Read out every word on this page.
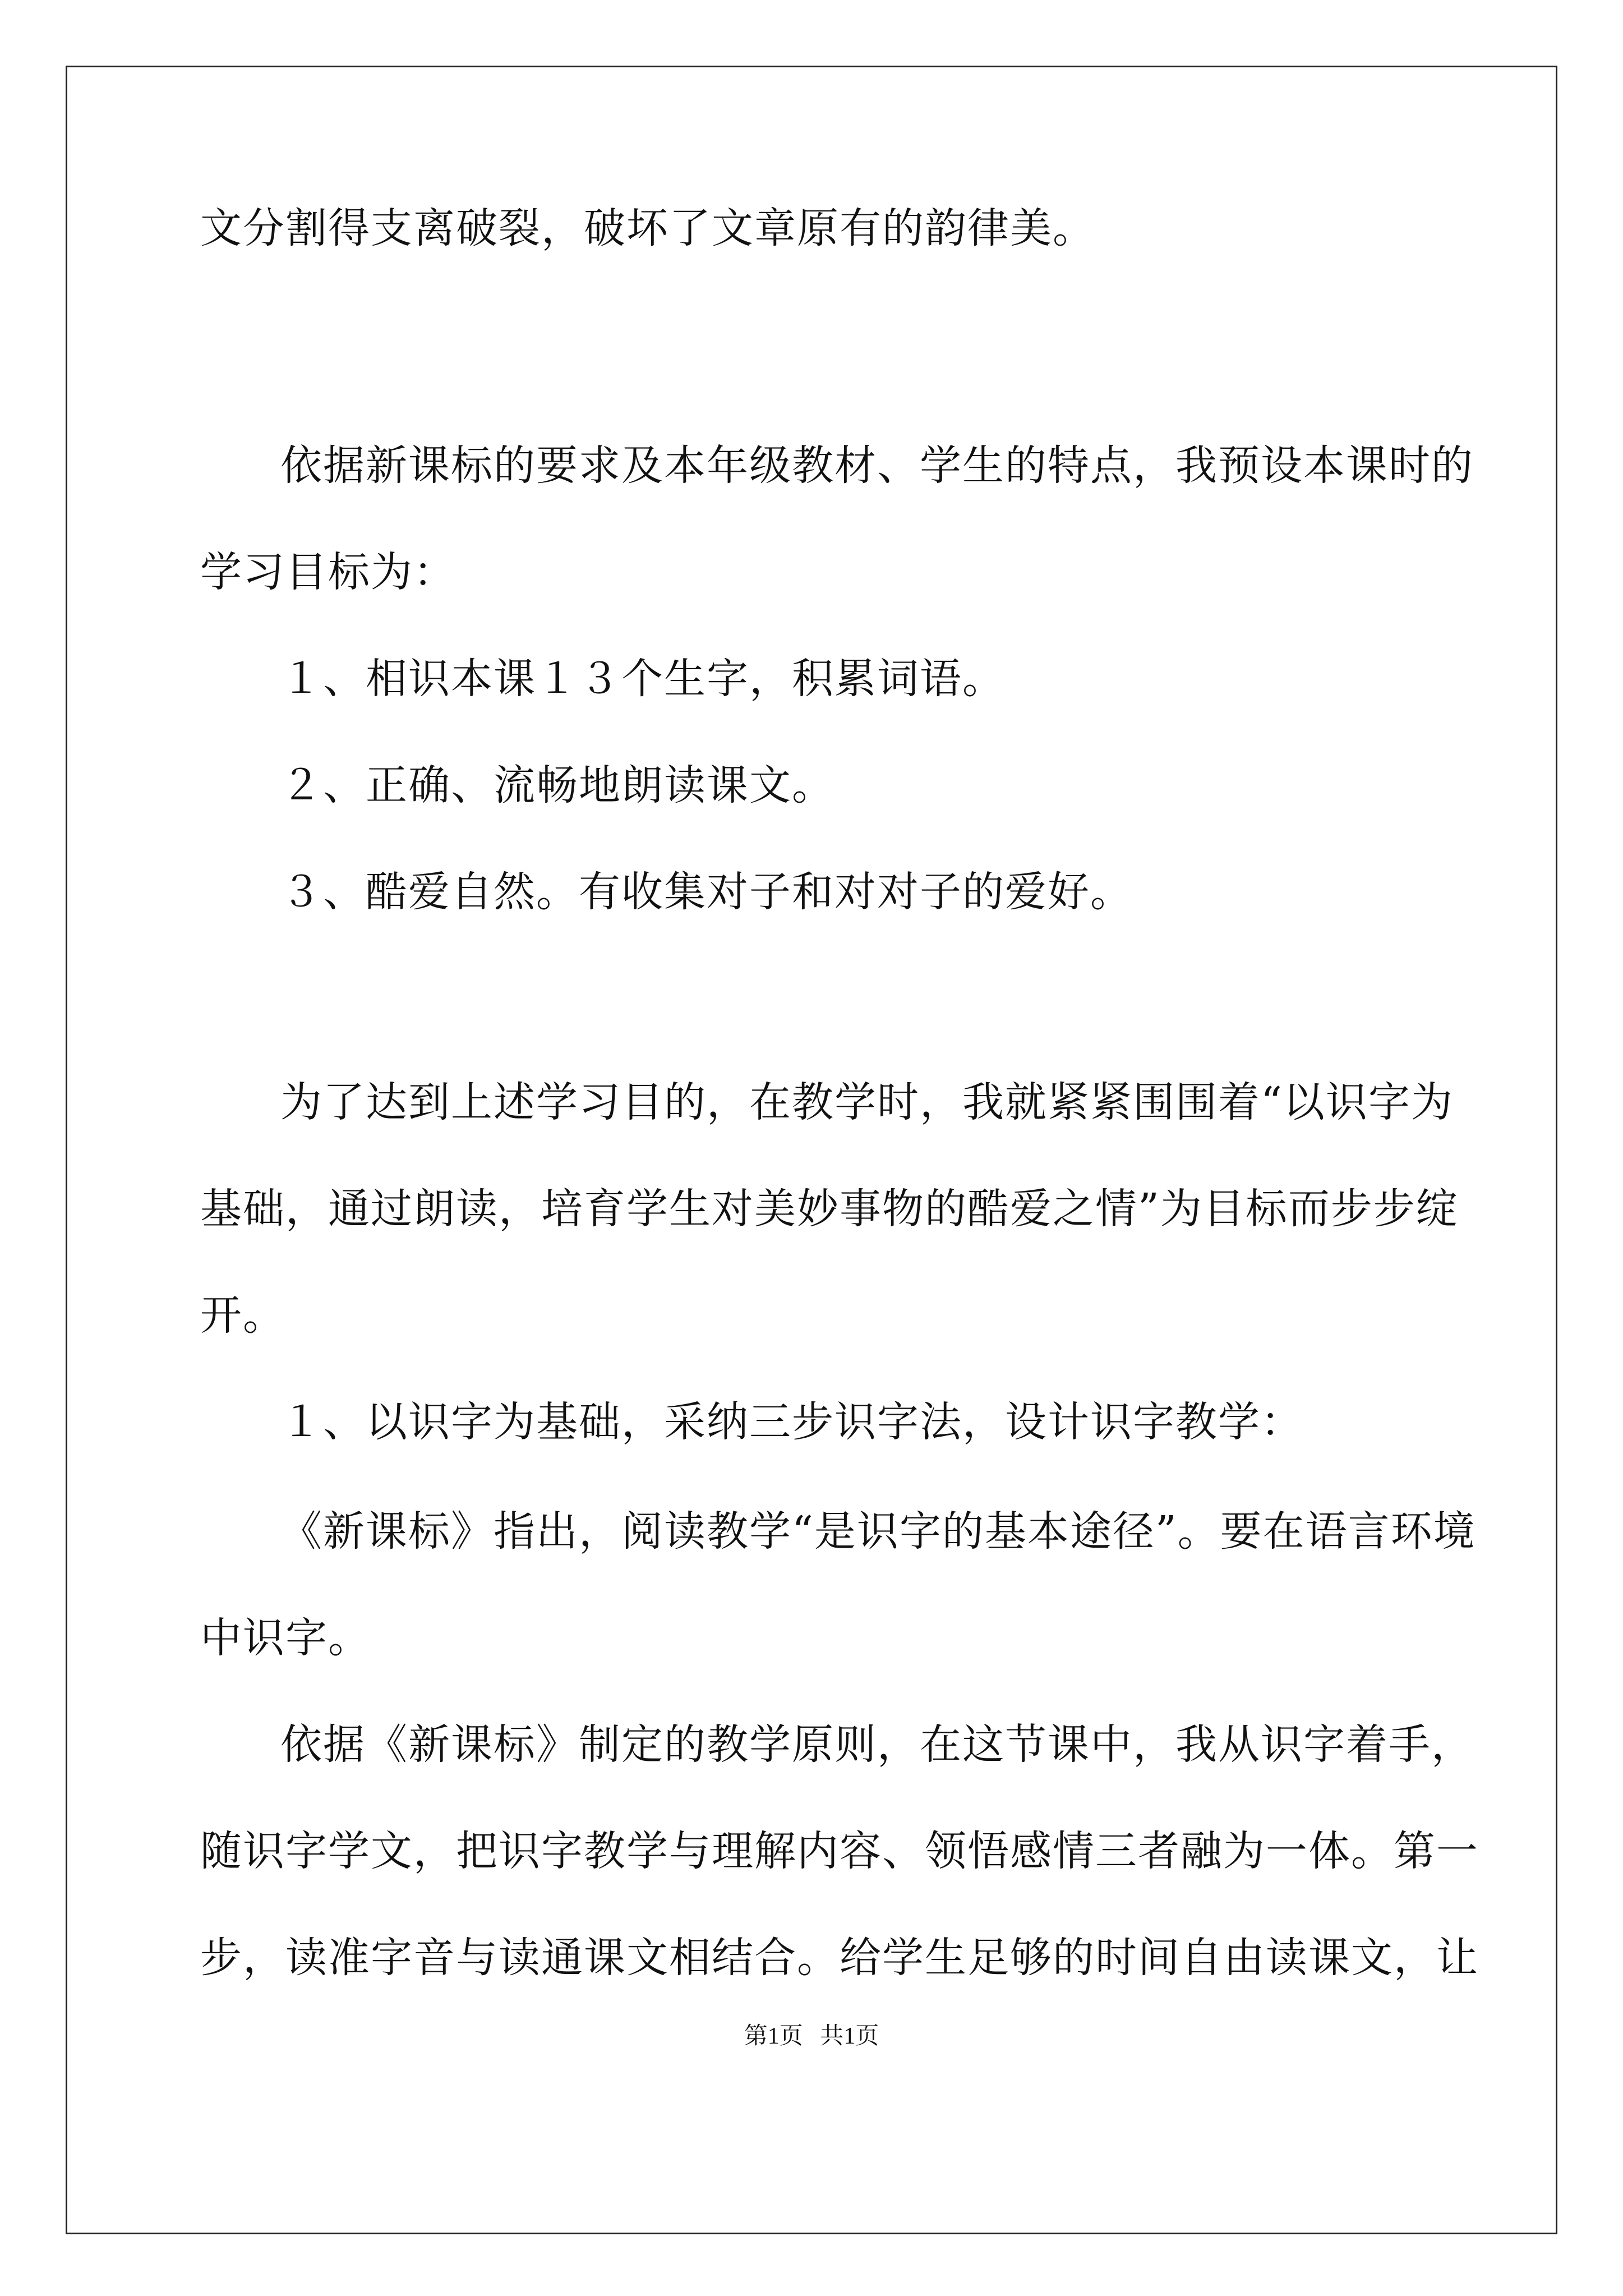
文分割得支离破裂，破坏了文章原有的韵律美。

依据新课标的要求及本年级教材、学生的特点，我预设本课时的

学习目标为：

１、相识本课１３个生字，积累词语。

２、正确、流畅地朗读课文。

３、酷爱自然。有收集对子和对对子的爱好。

为了达到上述学习目的，在教学时，我就紧紧围围着“以识字为

基础，通过朗读，培育学生对美妙事物的酷爱之情”为目标而步步绽

开。

１、以识字为基础，采纳三步识字法，设计识字教学：

《新课标》指出，阅读教学“是识字的基本途径”。要在语言环境

中识字。

依据《新课标》制定的教学原则，在这节课中，我从识字着手，

随识字学文，把识字教学与理解内容、领悟感情三者融为一体。第一

步，读准字音与读通课文相结合。给学生足够的时间自由读课文，让

第1页 共1页
